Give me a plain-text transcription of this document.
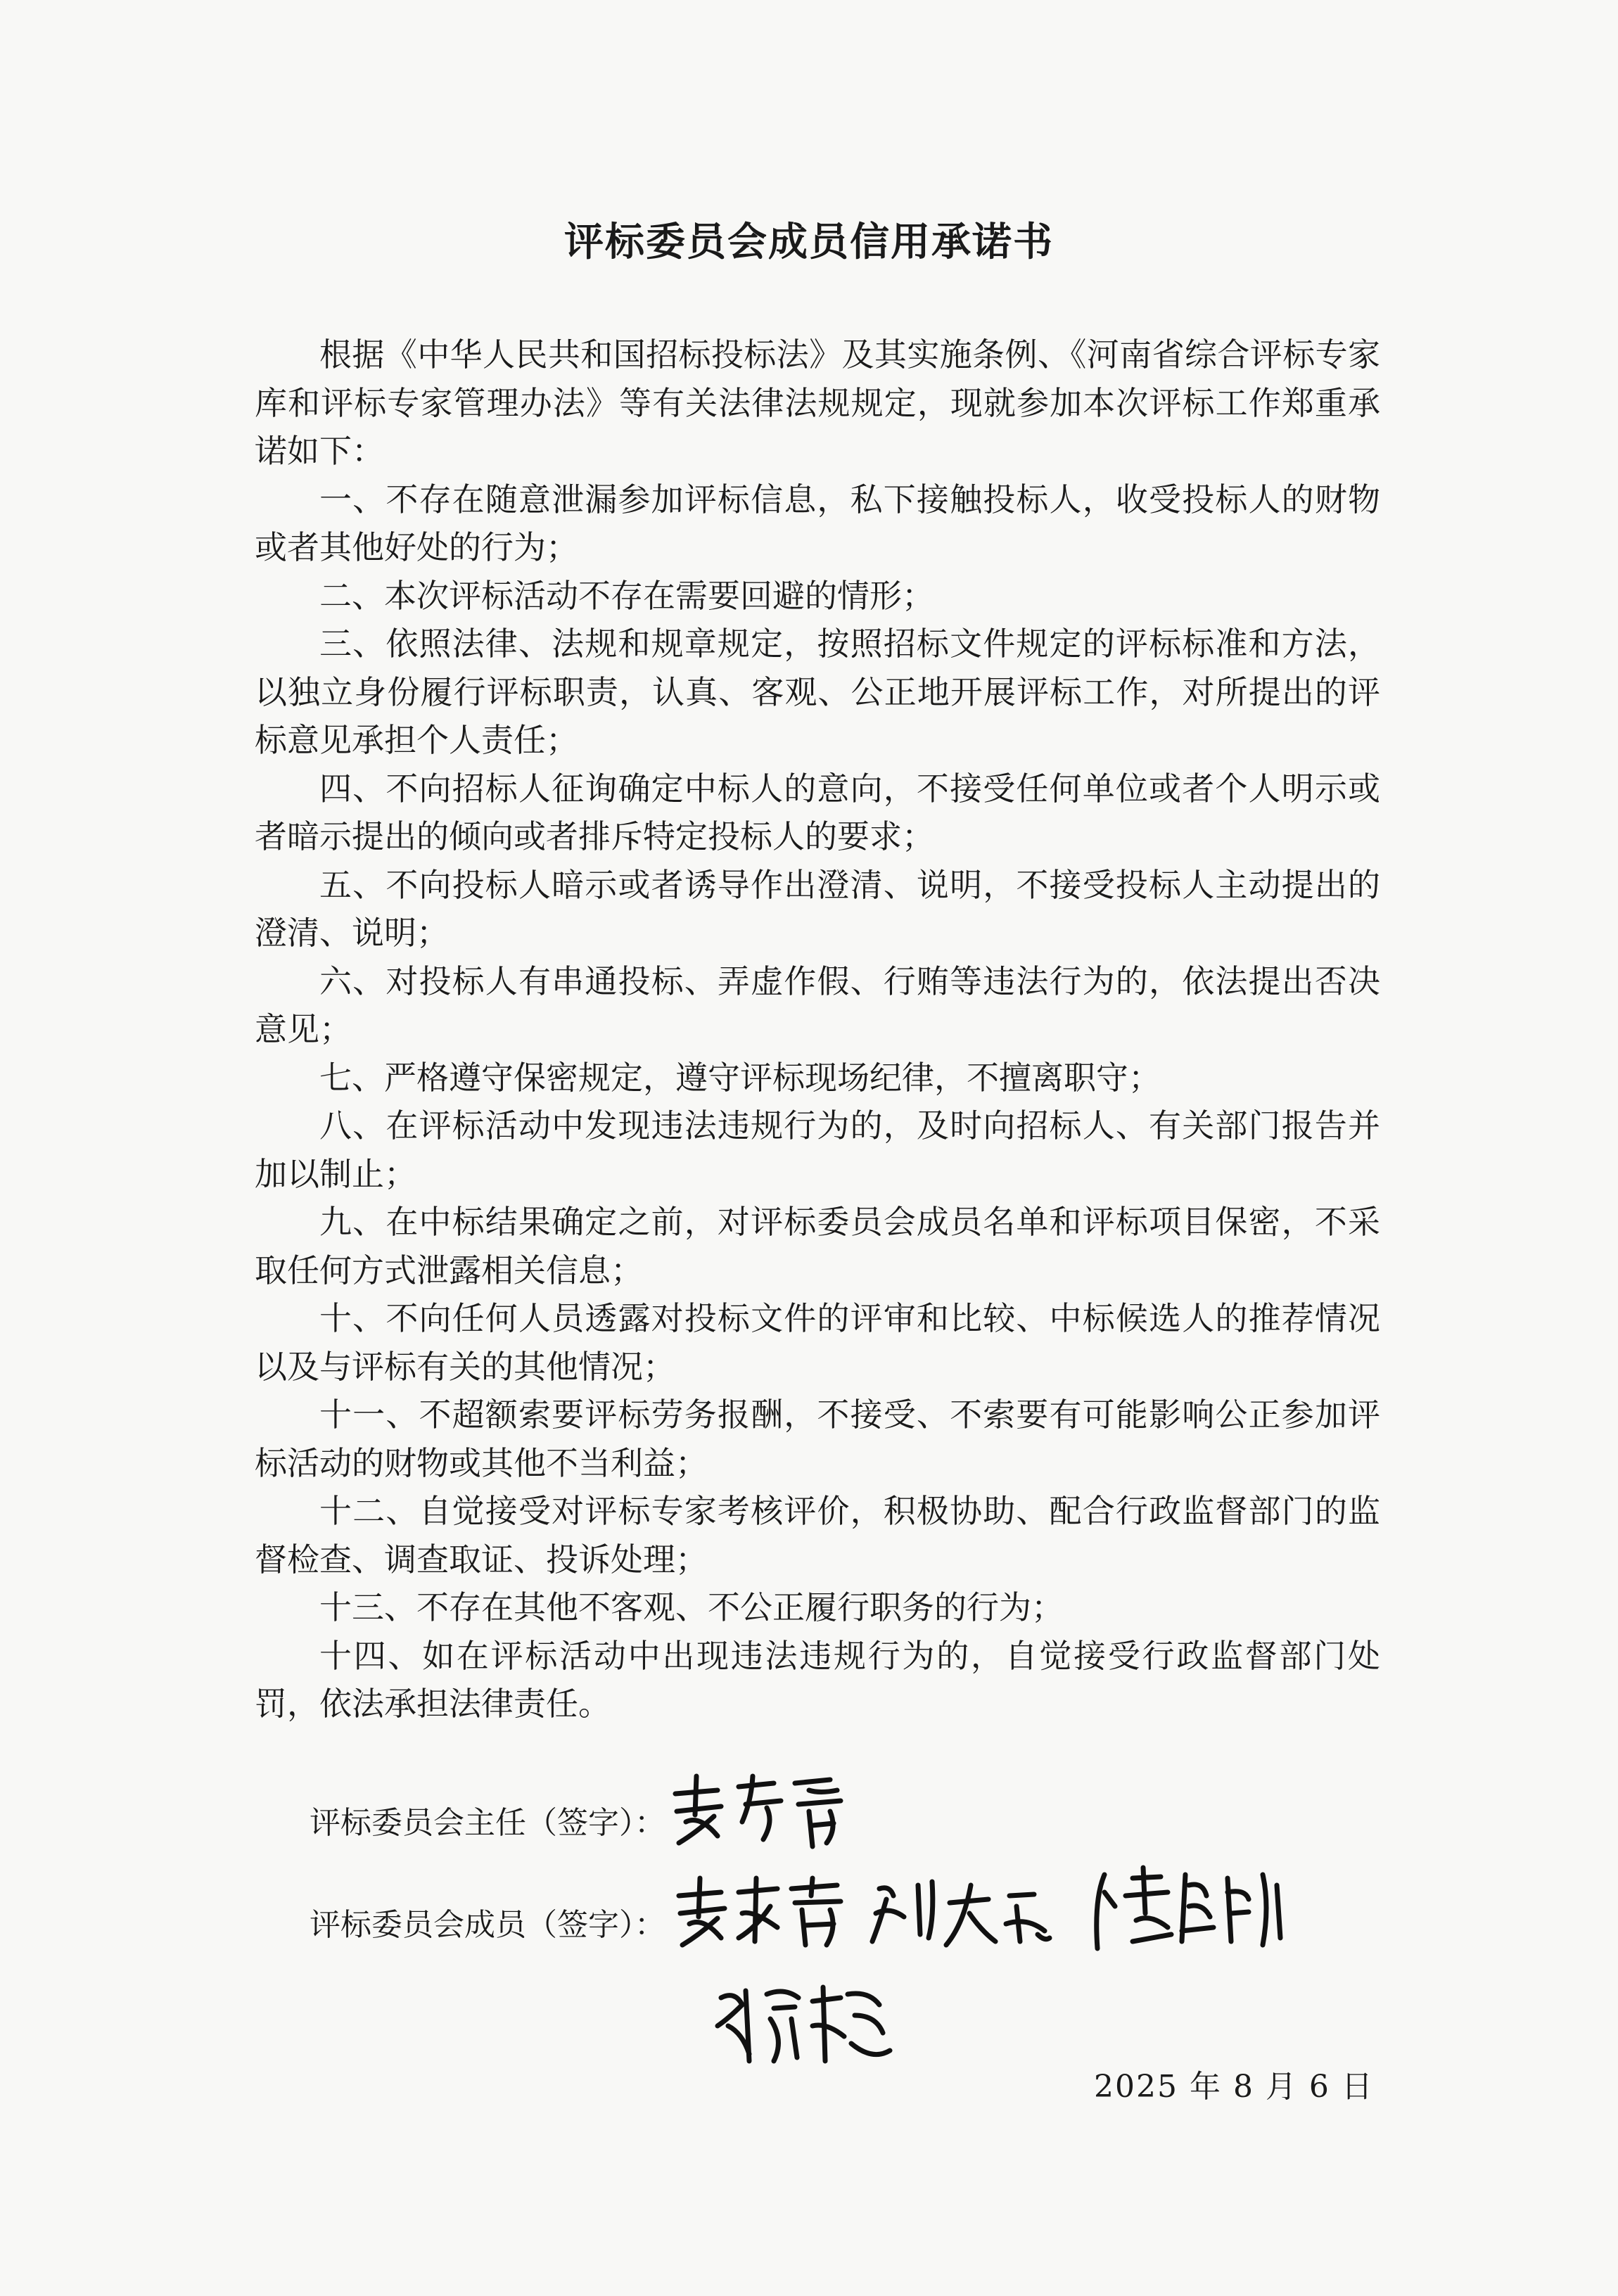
评标委员会成员信用承诺书

根据《中华人民共和国招标投标法》及其实施条例、《河南省综合评标专家库和评标专家管理办法》等有关法律法规规定，现就参加本次评标工作郑重承诺如下：

一、不存在随意泄漏参加评标信息，私下接触投标人，收受投标人的财物或者其他好处的行为；

二、本次评标活动不存在需要回避的情形；

三、依照法律、法规和规章规定，按照招标文件规定的评标标准和方法，以独立身份履行评标职责，认真、客观、公正地开展评标工作，对所提出的评标意见承担个人责任；

四、不向招标人征询确定中标人的意向，不接受任何单位或者个人明示或者暗示提出的倾向或者排斥特定投标人的要求；

五、不向投标人暗示或者诱导作出澄清、说明，不接受投标人主动提出的澄清、说明；

六、对投标人有串通投标、弄虚作假、行贿等违法行为的，依法提出否决意见；

七、严格遵守保密规定，遵守评标现场纪律，不擅离职守；

八、在评标活动中发现违法违规行为的，及时向招标人、有关部门报告并加以制止；

九、在中标结果确定之前，对评标委员会成员名单和评标项目保密，不采取任何方式泄露相关信息；

十、不向任何人员透露对投标文件的评审和比较、中标候选人的推荐情况以及与评标有关的其他情况；

十一、不超额索要评标劳务报酬，不接受、不索要有可能影响公正参加评标活动的财物或其他不当利益；

十二、自觉接受对评标专家考核评价，积极协助、配合行政监督部门的监督检查、调查取证、投诉处理；

十三、不存在其他不客观、不公正履行职务的行为；

十四、如在评标活动中出现违法违规行为的，自觉接受行政监督部门处罚，依法承担法律责任。

评标委员会主任（签字）：
评标委员会成员（签字）：
2025 年 8 月 6 日
